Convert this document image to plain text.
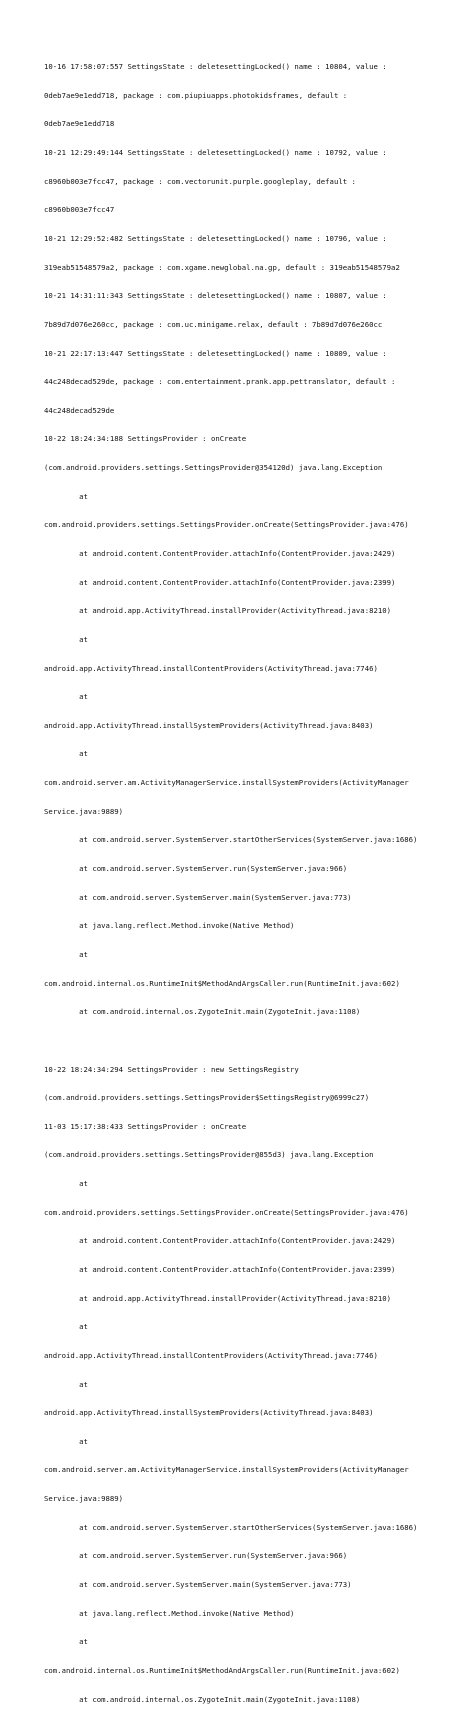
10-16 17:58:07:557 SettingsState : deletesettingLocked() name : 10804, value :

0deb7ae9e1edd718, package : com.piupiuapps.photokidsframes, default :

0deb7ae9e1edd718

10-21 12:29:49:144 SettingsState : deletesettingLocked() name : 10792, value :

c8960b003e7fcc47, package : com.vectorunit.purple.googleplay, default :

c8960b003e7fcc47

10-21 12:29:52:482 SettingsState : deletesettingLocked() name : 10796, value :

319eab51548579a2, package : com.xgame.newglobal.na.gp, default : 319eab51548579a2

10-21 14:31:11:343 SettingsState : deletesettingLocked() name : 10807, value :

7b89d7d076e260cc, package : com.uc.minigame.relax, default : 7b89d7d076e260cc

10-21 22:17:13:447 SettingsState : deletesettingLocked() name : 10809, value :

44c248decad529de, package : com.entertainment.prank.app.pettranslator, default :

44c248decad529de

10-22 18:24:34:188 SettingsProvider : onCreate

(com.android.providers.settings.SettingsProvider@354120d) java.lang.Exception

at

com.android.providers.settings.SettingsProvider.onCreate(SettingsProvider.java:476)

at android.content.ContentProvider.attachInfo(ContentProvider.java:2429)

at android.content.ContentProvider.attachInfo(ContentProvider.java:2399)

at android.app.ActivityThread.installProvider(ActivityThread.java:8210)

at

android.app.ActivityThread.installContentProviders(ActivityThread.java:7746)

at

android.app.ActivityThread.installSystemProviders(ActivityThread.java:8403)

at

com.android.server.am.ActivityManagerService.installSystemProviders(ActivityManager

Service.java:9889)

at com.android.server.SystemServer.startOtherServices(SystemServer.java:1686)

at com.android.server.SystemServer.run(SystemServer.java:966)

at com.android.server.SystemServer.main(SystemServer.java:773)

at java.lang.reflect.Method.invoke(Native Method)

at

com.android.internal.os.RuntimeInit$MethodAndArgsCaller.run(RuntimeInit.java:602)

at com.android.internal.os.ZygoteInit.main(ZygoteInit.java:1108)

10-22 18:24:34:294 SettingsProvider : new SettingsRegistry

(com.android.providers.settings.SettingsProvider$SettingsRegistry@6999c27)

11-03 15:17:38:433 SettingsProvider : onCreate

(com.android.providers.settings.SettingsProvider@855d3) java.lang.Exception

at

com.android.providers.settings.SettingsProvider.onCreate(SettingsProvider.java:476)

at android.content.ContentProvider.attachInfo(ContentProvider.java:2429)

at android.content.ContentProvider.attachInfo(ContentProvider.java:2399)

at android.app.ActivityThread.installProvider(ActivityThread.java:8210)

at

android.app.ActivityThread.installContentProviders(ActivityThread.java:7746)

at

android.app.ActivityThread.installSystemProviders(ActivityThread.java:8403)

at

com.android.server.am.ActivityManagerService.installSystemProviders(ActivityManager

Service.java:9889)

at com.android.server.SystemServer.startOtherServices(SystemServer.java:1686)

at com.android.server.SystemServer.run(SystemServer.java:966)

at com.android.server.SystemServer.main(SystemServer.java:773)

at java.lang.reflect.Method.invoke(Native Method)

at

com.android.internal.os.RuntimeInit$MethodAndArgsCaller.run(RuntimeInit.java:602)

at com.android.internal.os.ZygoteInit.main(ZygoteInit.java:1108)
